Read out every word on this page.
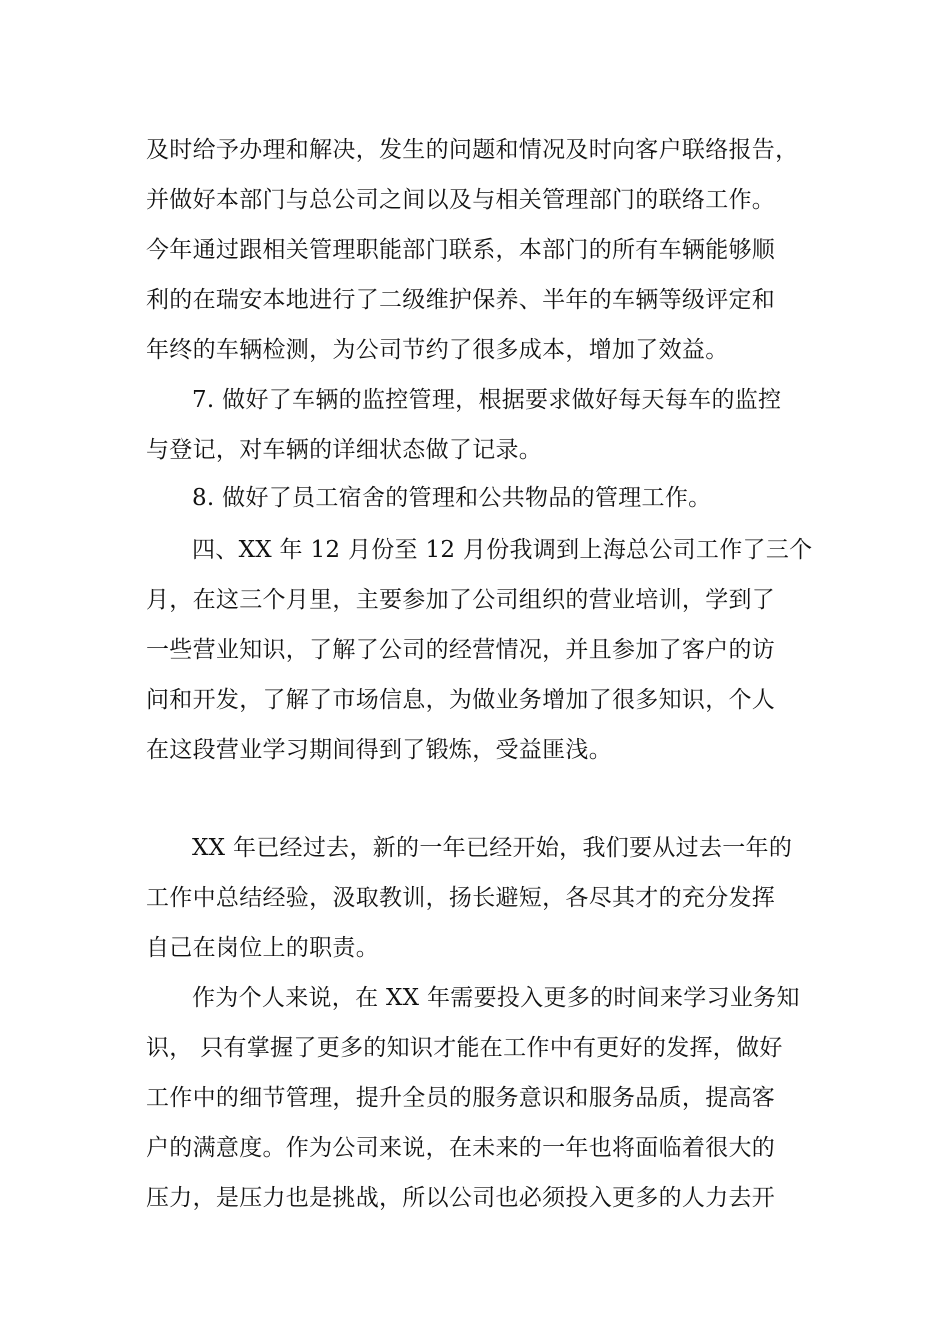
及时给予办理和解决，发生的问题和情况及时向客户联络报告，
并做好本部门与总公司之间以及与相关管理部门的联络工作。
今年通过跟相关管理职能部门联系，本部门的所有车辆能够顺
利的在瑞安本地进行了二级维护保养、半年的车辆等级评定和
年终的车辆检测，为公司节约了很多成本，增加了效益。
7. 做好了车辆的监控管理，根据要求做好每天每车的监控
与登记，对车辆的详细状态做了记录。
8. 做好了员工宿舍的管理和公共物品的管理工作。
四、XX 年 12 月份至 12 月份我调到上海总公司工作了三个
月，在这三个月里，主要参加了公司组织的营业培训，学到了
一些营业知识，了解了公司的经营情况，并且参加了客户的访
问和开发，了解了市场信息，为做业务增加了很多知识，个人
在这段营业学习期间得到了锻炼，受益匪浅。
XX 年已经过去，新的一年已经开始，我们要从过去一年的
工作中总结经验，汲取教训，扬长避短，各尽其才的充分发挥
自己在岗位上的职责。
作为个人来说，在 XX 年需要投入更多的时间来学习业务知
识， 只有掌握了更多的知识才能在工作中有更好的发挥，做好
工作中的细节管理，提升全员的服务意识和服务品质，提高客
户的满意度。作为公司来说，在未来的一年也将面临着很大的
压力，是压力也是挑战，所以公司也必须投入更多的人力去开
